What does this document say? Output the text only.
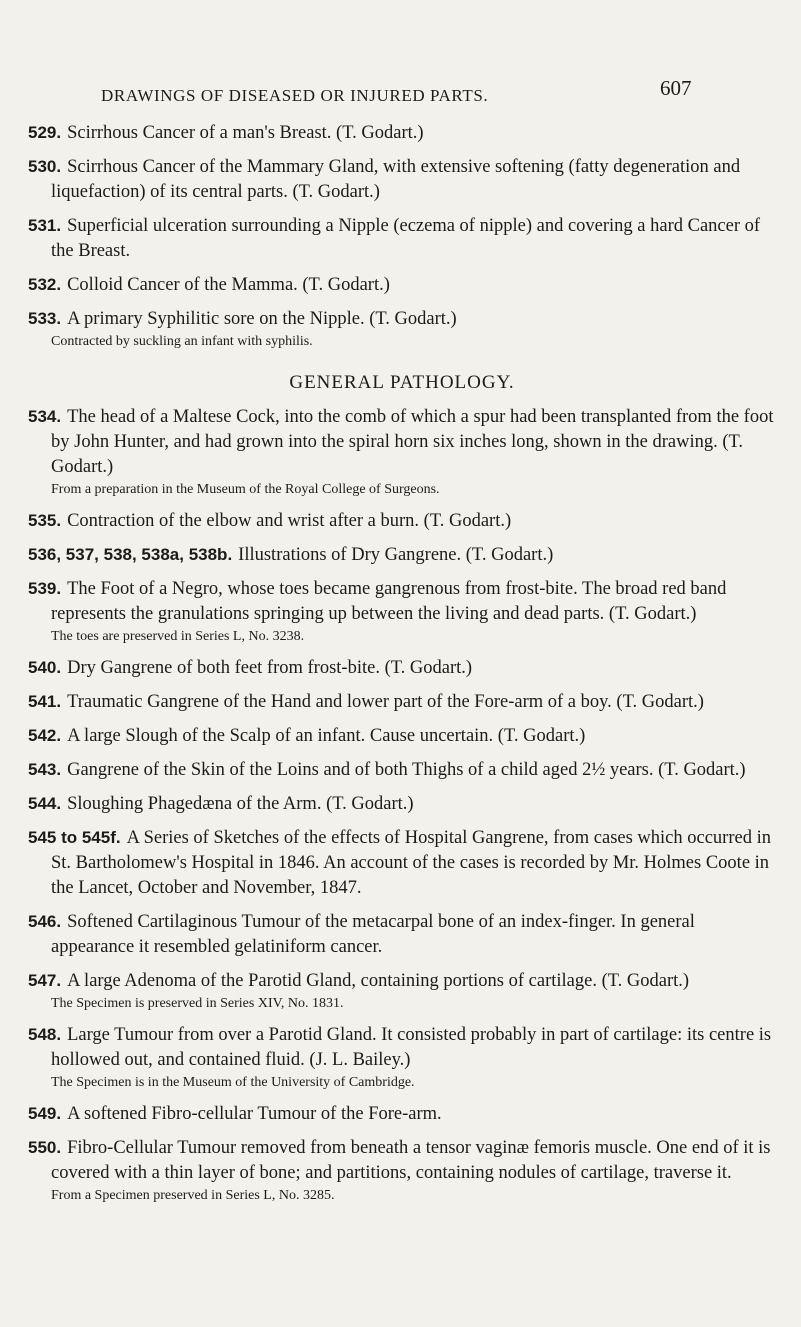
DRAWINGS OF DISEASED OR INJURED PARTS.	607
529. Scirrhous Cancer of a man's Breast. (T. Godart.)
530. Scirrhous Cancer of the Mammary Gland, with extensive softening (fatty degeneration and liquefaction) of its central parts. (T. Godart.)
531. Superficial ulceration surrounding a Nipple (eczema of nipple) and covering a hard Cancer of the Breast.
532. Colloid Cancer of the Mamma. (T. Godart.)
533. A primary Syphilitic sore on the Nipple. (T. Godart.)
Contracted by suckling an infant with syphilis.
GENERAL PATHOLOGY.
534. The head of a Maltese Cock, into the comb of which a spur had been transplanted from the foot by John Hunter, and had grown into the spiral horn six inches long, shown in the drawing. (T. Godart.)
From a preparation in the Museum of the Royal College of Surgeons.
535. Contraction of the elbow and wrist after a burn. (T. Godart.)
536, 537, 538, 538a, 538b. Illustrations of Dry Gangrene. (T. Godart.)
539. The Foot of a Negro, whose toes became gangrenous from frost-bite. The broad red band represents the granulations springing up between the living and dead parts. (T. Godart.)
The toes are preserved in Series L, No. 3238.
540. Dry Gangrene of both feet from frost-bite. (T. Godart.)
541. Traumatic Gangrene of the Hand and lower part of the Fore-arm of a boy. (T. Godart.)
542. A large Slough of the Scalp of an infant. Cause uncertain. (T. Godart.)
543. Gangrene of the Skin of the Loins and of both Thighs of a child aged 2½ years. (T. Godart.)
544. Sloughing Phagedæna of the Arm. (T. Godart.)
545 to 545f. A Series of Sketches of the effects of Hospital Gangrene, from cases which occurred in St. Bartholomew's Hospital in 1846. An account of the cases is recorded by Mr. Holmes Coote in the Lancet, October and November, 1847.
546. Softened Cartilaginous Tumour of the metacarpal bone of an index-finger. In general appearance it resembled gelatiniform cancer.
547. A large Adenoma of the Parotid Gland, containing portions of cartilage. (T. Godart.)
The Specimen is preserved in Series XIV, No. 1831.
548. Large Tumour from over a Parotid Gland. It consisted probably in part of cartilage: its centre is hollowed out, and contained fluid. (J. L. Bailey.)
The Specimen is in the Museum of the University of Cambridge.
549. A softened Fibro-cellular Tumour of the Fore-arm.
550. Fibro-Cellular Tumour removed from beneath a tensor vaginæ femoris muscle. One end of it is covered with a thin layer of bone; and partitions, containing nodules of cartilage, traverse it.
From a Specimen preserved in Series L, No. 3285.
